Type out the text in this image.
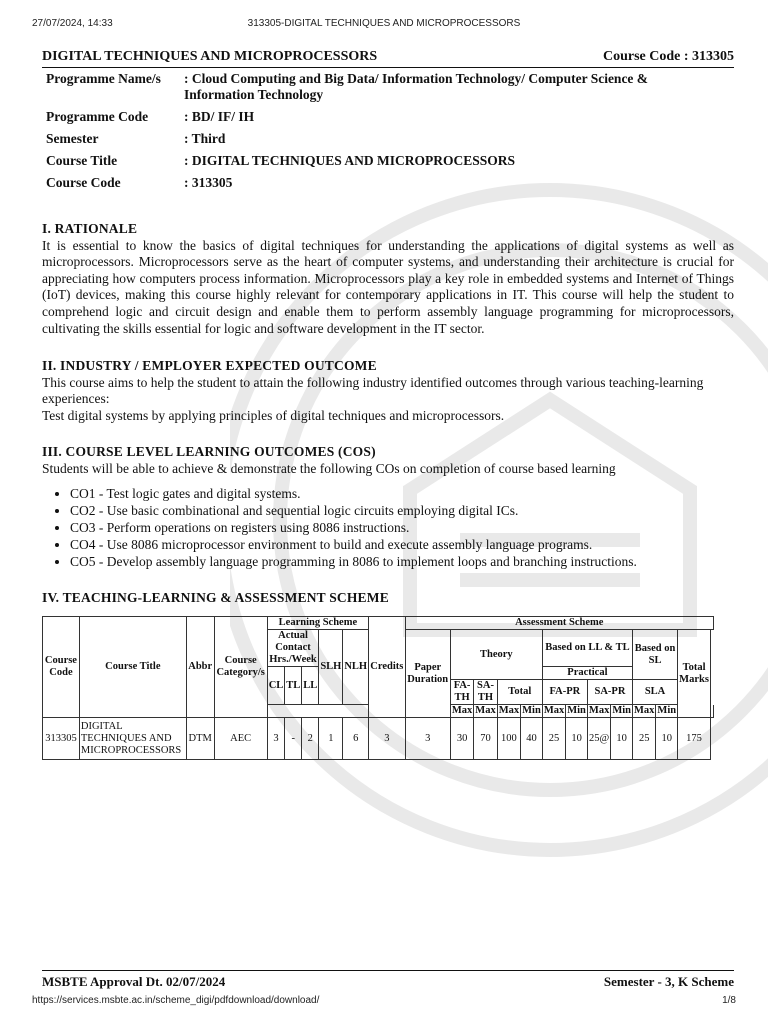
27/07/2024, 14:33	313305-DIGITAL TECHNIQUES AND MICROPROCESSORS
DIGITAL TECHNIQUES AND MICROPROCESSORS	Course Code : 313305
Programme Name/s	: Cloud Computing and Big Data/ Information Technology/ Computer Science & Information Technology
Programme Code	: BD/ IF/ IH
Semester	: Third
Course Title	: DIGITAL TECHNIQUES AND MICROPROCESSORS
Course Code	: 313305
I. RATIONALE
It is essential to know the basics of digital techniques for understanding the applications of digital systems as well as microprocessors. Microprocessors serve as the heart of computer systems, and understanding their architecture is crucial for appreciating how computers process information. Microprocessors play a key role in embedded systems and Internet of Things (IoT) devices, making this course highly relevant for contemporary applications in IT. This course will help the student to comprehend logic and circuit design and enable them to perform assembly language programming for microprocessors, cultivating the skills essential for logic and software development in the IT sector.
II. INDUSTRY / EMPLOYER EXPECTED OUTCOME
This course aims to help the student to attain the following industry identified outcomes through various teaching-learning experiences:
Test digital systems by applying principles of digital techniques and microprocessors.
III. COURSE LEVEL LEARNING OUTCOMES (COS)
Students will be able to achieve & demonstrate the following COs on completion of course based learning
• CO1 - Test logic gates and digital systems.
• CO2 - Use basic combinational and sequential logic circuits employing digital ICs.
• CO3 - Perform operations on registers using 8086 instructions.
• CO4 - Use 8086 microprocessor environment to build and execute assembly language programs.
• CO5 - Develop assembly language programming in 8086 to implement loops and branching instructions.
IV. TEACHING-LEARNING & ASSESSMENT SCHEME
Course Code	Course Title	Abbr	Course Category/s	Learning Scheme					Credits	Assessment Scheme												
				Actual Contact Hrs./Week			SLH	NLH		Paper Duration	Theory				Based on LL & TL				Based on SL		Total Marks	
				CL	TL	LL									Practical							
											FA-TH	SA-TH	Total		FA-PR		SA-PR		SLA			
											Max	Max	Max	Min	Max	Min	Max	Min	Max	Min		
313305	DIGITAL TECHNIQUES AND MICROPROCESSORS	DTM	AEC	3	-	2	1	6	3	3	30	70	100	40	25	10	25@	10	25	10	175	
MSBTE Approval Dt. 02/07/2024	Semester - 3, K Scheme
https://services.msbte.ac.in/scheme_digi/pdfdownload/download/	1/8
